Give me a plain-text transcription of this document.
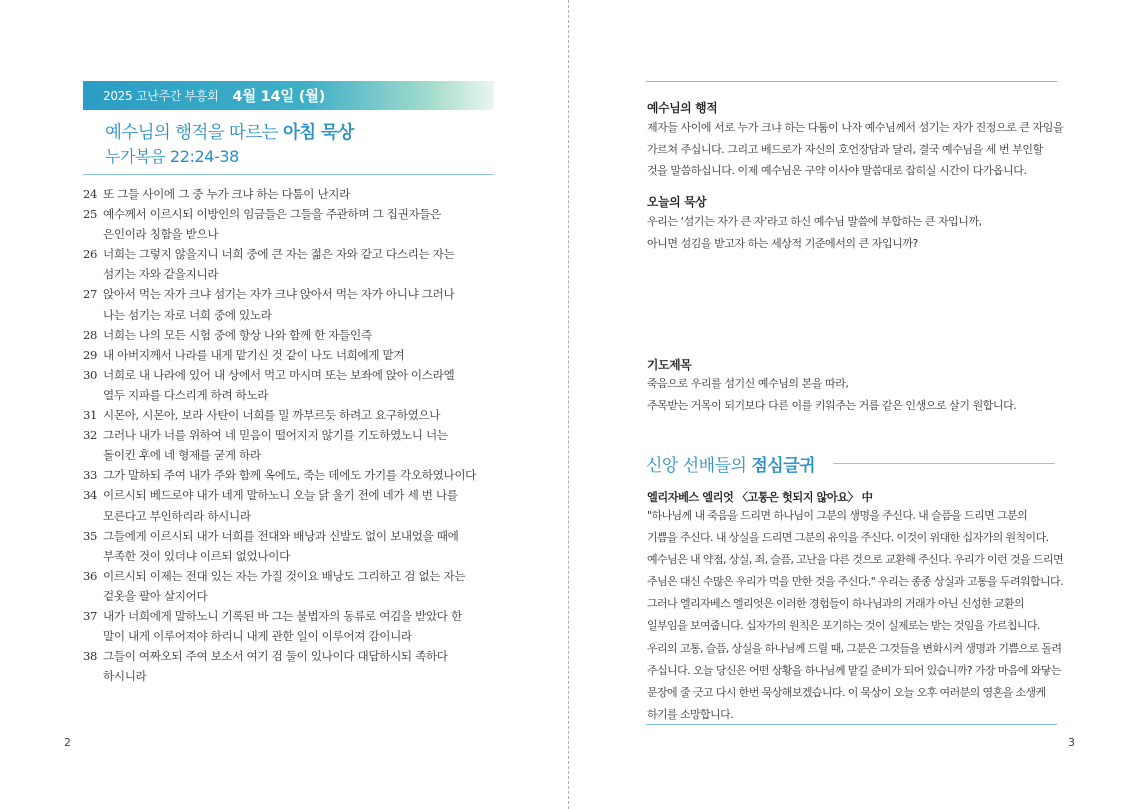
2025 고난주간 부흥회 4월 14일 (월)
예수님의 행적을 따르는 아침 묵상
누가복음 22:24-38
24 또 그들 사이에 그 중 누가 크냐 하는 다툼이 난지라
25 예수께서 이르시되 이방인의 임금들은 그들을 주관하며 그 집권자들은
은인이라 칭함을 받으나
26 너희는 그렇지 않을지니 너희 중에 큰 자는 젊은 자와 같고 다스리는 자는
섬기는 자와 같을지니라
27 앉아서 먹는 자가 크냐 섬기는 자가 크냐 앉아서 먹는 자가 아니냐 그러나
나는 섬기는 자로 너희 중에 있노라
28 너희는 나의 모든 시험 중에 항상 나와 함께 한 자들인즉
29 내 아버지께서 나라를 내게 맡기신 것 같이 나도 너희에게 맡겨
30 너희로 내 나라에 있어 내 상에서 먹고 마시며 또는 보좌에 앉아 이스라엘
열두 지파를 다스리게 하려 하노라
31 시몬아, 시몬아, 보라 사탄이 너희를 밀 까부르듯 하려고 요구하였으나
32 그러나 내가 너를 위하여 네 믿음이 떨어지지 않기를 기도하였노니 너는
돌이킨 후에 네 형제를 굳게 하라
33 그가 말하되 주여 내가 주와 함께 옥에도, 죽는 데에도 가기를 각오하였나이다
34 이르시되 베드로야 내가 네게 말하노니 오늘 닭 울기 전에 네가 세 번 나를
모른다고 부인하리라 하시니라
35 그들에게 이르시되 내가 너희를 전대와 배낭과 신발도 없이 보내었을 때에
부족한 것이 있더냐 이르되 없었나이다
36 이르시되 이제는 전대 있는 자는 가질 것이요 배낭도 그리하고 검 없는 자는
겉옷을 팔아 살지어다
37 내가 너희에게 말하노니 기록된 바 그는 불법자의 동류로 여김을 받았다 한
말이 내게 이루어져야 하리니 내게 관한 일이 이루어져 감이니라
38 그들이 여짜오되 주여 보소서 여기 검 둘이 있나이다 대답하시되 족하다
하시니라
2
예수님의 행적
제자들 사이에 서로 누가 크냐 하는 다툼이 나자 예수님께서 섬기는 자가 진정으로 큰 자임을
가르쳐 주십니다. 그리고 베드로가 자신의 호언장담과 달리, 결국 예수님을 세 번 부인할
것을 말씀하십니다. 이제 예수님은 구약 이사야 말씀대로 잡히실 시간이 다가옵니다.
오늘의 묵상
우리는 ‘섬기는 자가 큰 자’라고 하신 예수님 말씀에 부합하는 큰 자입니까,
아니면 섬김을 받고자 하는 세상적 기준에서의 큰 자입니까?
기도제목
죽음으로 우리를 섬기신 예수님의 본을 따라,
주목받는 거목이 되기보다 다른 이를 키워주는 거름 같은 인생으로 살기 원합니다.
신앙 선배들의 점심글귀
엘리자베스 엘리엇 〈고통은 헛되지 않아요〉 中
"하나님께 내 죽음을 드리면 하나님이 그분의 생명을 주신다. 내 슬픔을 드리면 그분의
기쁨을 주신다. 내 상실을 드리면 그분의 유익을 주신다. 이것이 위대한 십자가의 원칙이다.
예수님은 내 약점, 상실, 죄, 슬픔, 고난을 다른 것으로 교환해 주신다. 우리가 이런 것을 드리면
주님은 대신 수많은 우리가 먹을 만한 것을 주신다." 우리는 종종 상실과 고통을 두려워합니다.
그러나 엘리자베스 엘리엇은 이러한 경험들이 하나님과의 거래가 아닌 신성한 교환의
일부임을 보여줍니다. 십자가의 원칙은 포기하는 것이 실제로는 받는 것임을 가르칩니다.
우리의 고통, 슬픔, 상실을 하나님께 드릴 때, 그분은 그것들을 변화시켜 생명과 기쁨으로 돌려
주십니다. 오늘 당신은 어떤 상황을 하나님께 맡길 준비가 되어 있습니까? 가장 마음에 와닿는
문장에 줄 긋고 다시 한번 묵상해보겠습니다. 이 묵상이 오늘 오후 여러분의 영혼을 소생케
하기를 소망합니다.
3
